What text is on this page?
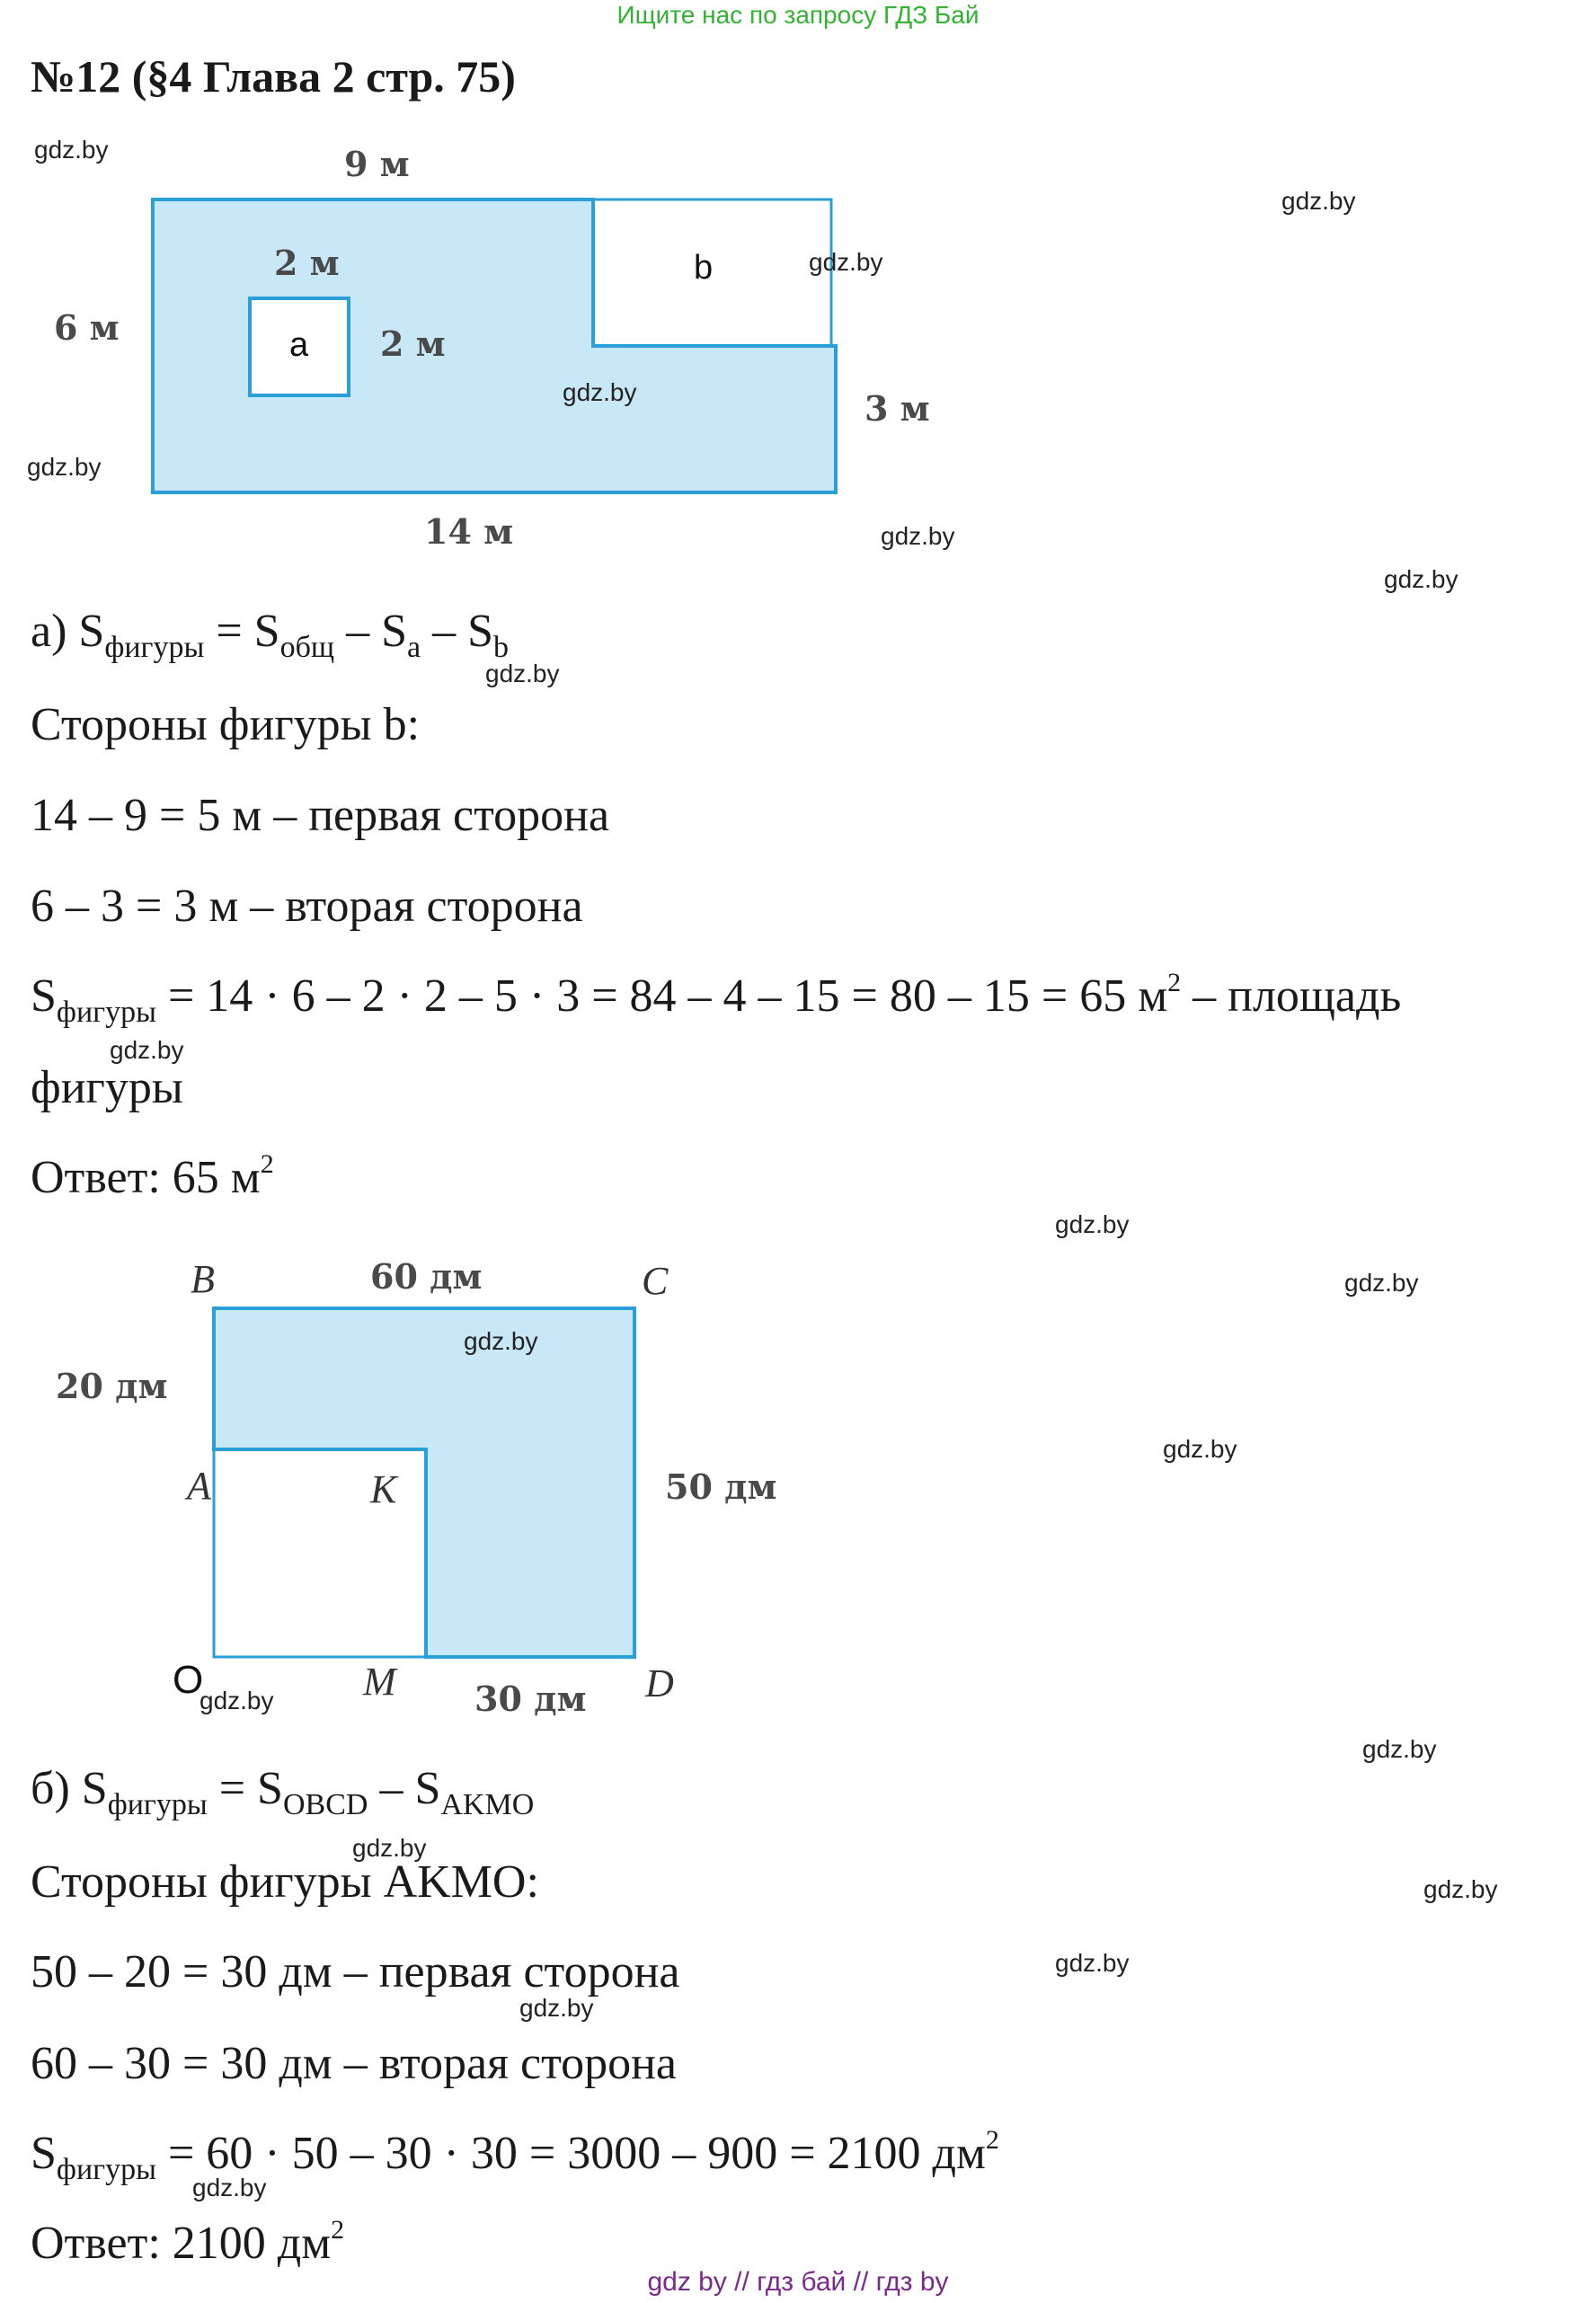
Ищите нас по запросу ГДЗ Бай
№12 (§4 Глава 2 стр. 75)
a
b
9 м
6 м
2 м
2 м
3 м
14 м
B	C
A	K
O	M	D
60 дм
20 дм
50 дм
30 дм
gdz.by
gdz.by
gdz.by
gdz.by
gdz.by
gdz.by
gdz.by
gdz.by
gdz.by
gdz.by
gdz.by
gdz.by
gdz.by
gdz.by
gdz.by
gdz.by
gdz.by
gdz.by
gdz.by
gdz.by
а) $S_{фигуры} = S_{общ} - S_a - S_b$
Стороны фигуры b:
14 – 9 = 5 м – первая сторона
6 – 3 = 3 м – вторая сторона
$S_{фигуры} = 14 \cdot 6 - 2 \cdot 2 - 5 \cdot 3 = 84 - 4 - 15 = 80 - 15 = 65$ $м^2$ – площадь
фигуры
Ответ: 65 $м^2$
б) $S_{фигуры} = S_{OBCD} - S_{AKMO}$
Стороны фигуры AKMO:
50 – 20 = 30 дм – первая сторона
60 – 30 = 30 дм – вторая сторона
$S_{фигуры} = 60 \cdot 50 - 30 \cdot 30 = 3000 - 900 = 2100$ $дм^2$
Ответ: 2100 $дм^2$
gdz by // гдз бай // гдз by
